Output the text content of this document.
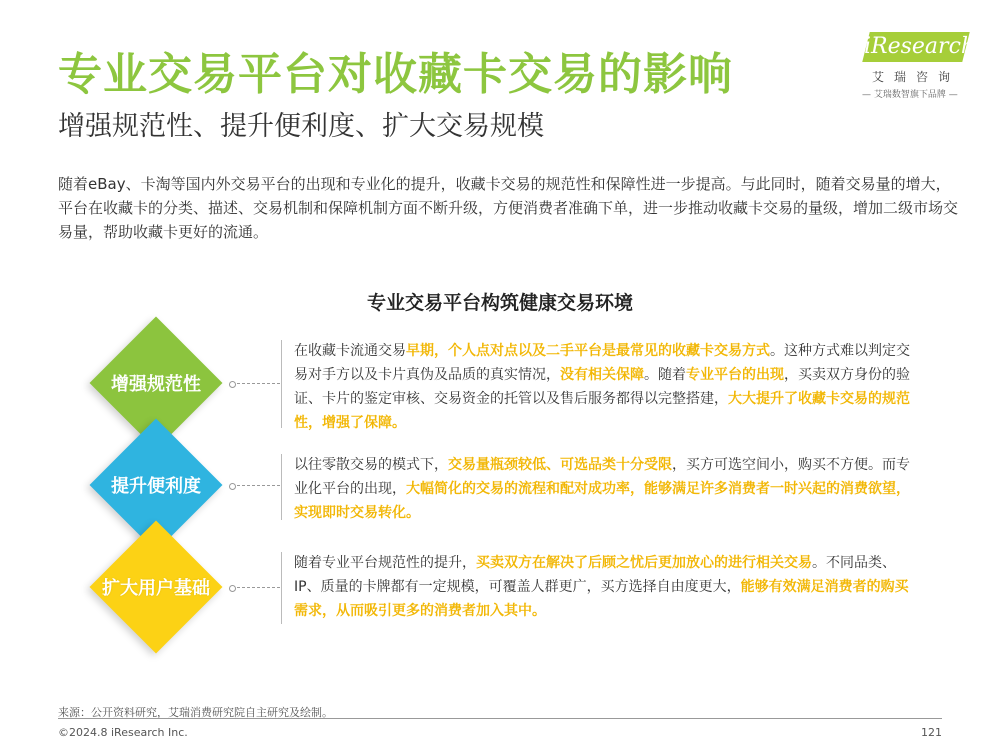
专业交易平台对收藏卡交易的影响
增强规范性、提升便利度、扩大交易规模
iResearch
艾瑞咨询
— 艾瑞数智旗下品牌 —
随着eBay、卡淘等国内外交易平台的出现和专业化的提升，收藏卡交易的规范性和保障性进一步提高。与此同时，随着交易量的增大，平台在收藏卡的分类、描述、交易机制和保障机制方面不断升级，方便消费者准确下单，进一步推动收藏卡交易的量级，增加二级市场交易量，帮助收藏卡更好的流通。
专业交易平台构筑健康交易环境
增强规范性
提升便利度
扩大用户基础
在收藏卡流通交易早期，个人点对点以及二手平台是最常见的收藏卡交易方式。这种方式难以判定交易对手方以及卡片真伪及品质的真实情况，没有相关保障。随着专业平台的出现，买卖双方身份的验证、卡片的鉴定审核、交易资金的托管以及售后服务都得以完整搭建，大大提升了收藏卡交易的规范性，增强了保障。
以往零散交易的模式下，交易量瓶颈较低、可选品类十分受限，买方可选空间小，购买不方便。而专业化平台的出现，大幅简化的交易的流程和配对成功率，能够满足许多消费者一时兴起的消费欲望，实现即时交易转化。
随着专业平台规范性的提升，买卖双方在解决了后顾之忧后更加放心的进行相关交易。不同品类、IP、质量的卡牌都有一定规模，可覆盖人群更广，买方选择自由度更大，能够有效满足消费者的购买需求，从而吸引更多的消费者加入其中。
来源：公开资料研究，艾瑞消费研究院自主研究及绘制。
©2024.8 iResearch Inc.	121
